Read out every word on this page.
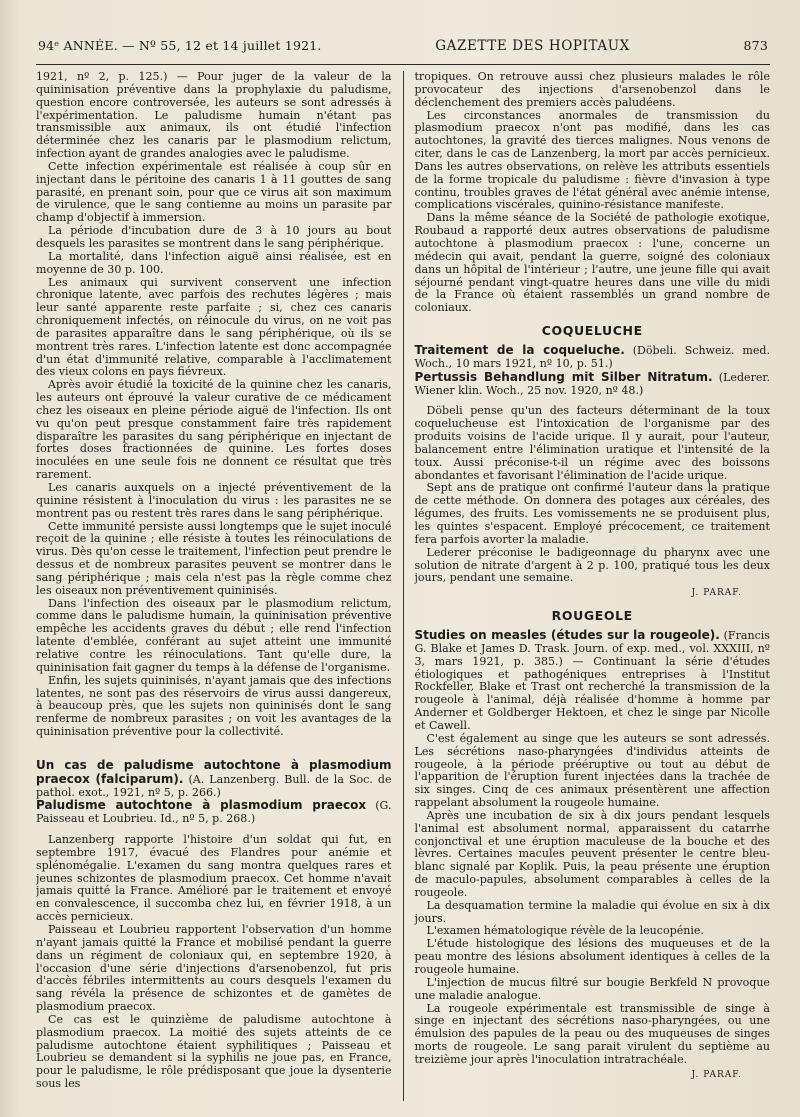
94ᵉ ANNÉE. — Nº 55, 12 et 14 juillet 1921.	GAZETTE DES HOPITAUX	873

1921, nº 2, p. 125.) — Pour juger de la valeur de la quininisation préventive dans la prophylaxie du paludisme, question encore controversée, les auteurs se sont adressés à l'expérimentation. Le paludisme humain n'étant pas transmissible aux animaux, ils ont étudié l'infection déterminée chez les canaris par le plasmodium relictum, infection ayant de grandes analogies avec le paludisme.

Cette infection expérimentale est réalisée à coup sûr en injectant dans le péritoine des canaris 1 à 11 gouttes de sang parasité, en prenant soin, pour que ce virus ait son maximum de virulence, que le sang contienne au moins un parasite par champ d'objectif à immersion.

La période d'incubation dure de 3 à 10 jours au bout desquels les parasites se montrent dans le sang périphérique.

La mortalité, dans l'infection aiguë ainsi réalisée, est en moyenne de 30 p. 100.

Les animaux qui survivent conservent une infection chronique latente, avec parfois des rechutes légères ; mais leur santé apparente reste parfaite ; si, chez ces canaris chroniquement infectés, on réinocule du virus, on ne voit pas de parasites apparaître dans le sang périphérique, où ils se montrent très rares. L'infection latente est donc accompagnée d'un état d'immunité relative, comparable à l'acclimatement des vieux colons en pays fiévreux.

Après avoir étudié la toxicité de la quinine chez les canaris, les auteurs ont éprouvé la valeur curative de ce médicament chez les oiseaux en pleine période aiguë de l'infection. Ils ont vu qu'on peut presque constamment faire très rapidement disparaître les parasites du sang périphérique en injectant de fortes doses fractionnées de quinine. Les fortes doses inoculées en une seule fois ne donnent ce résultat que très rarement.

Les canaris auxquels on a injecté préventivement de la quinine résistent à l'inoculation du virus : les parasites ne se montrent pas ou restent très rares dans le sang périphérique.

Cette immunité persiste aussi longtemps que le sujet inoculé reçoit de la quinine ; elle résiste à toutes les réinoculations de virus. Dès qu'on cesse le traitement, l'infection peut prendre le dessus et de nombreux parasites peuvent se montrer dans le sang périphérique ; mais cela n'est pas la règle comme chez les oiseaux non préventivement quininisés.

Dans l'infection des oiseaux par le plasmodium relictum, comme dans le paludisme humain, la quininisation préventive empêche les accidents graves du début ; elle rend l'infection latente d'emblée, conférant au sujet atteint une immunité relative contre les réinoculations. Tant qu'elle dure, la quininisation fait gagner du temps à la défense de l'organisme.

Enfin, les sujets quininisés, n'ayant jamais que des infections latentes, ne sont pas des réservoirs de virus aussi dangereux, à beaucoup près, que les sujets non quininisés dont le sang renferme de nombreux parasites ; on voit les avantages de la quininisation préventive pour la collectivité.

Un cas de paludisme autochtone à plasmodium praecox (falciparum). (A. Lanzenberg. Bull. de la Soc. de pathol. exot., 1921, nº 5, p. 266.)

Paludisme autochtone à plasmodium praecox (G. Paisseau et Loubrieu. Id., nº 5, p. 268.)

Lanzenberg rapporte l'histoire d'un soldat qui fut, en septembre 1917, évacué des Flandres pour anémie et splénomégalie. L'examen du sang montra quelques rares et jeunes schizontes de plasmodium praecox. Cet homme n'avait jamais quitté la France. Amélioré par le traitement et envoyé en convalescence, il succomba chez lui, en février 1918, à un accès pernicieux.

Paisseau et Loubrieu rapportent l'observation d'un homme n'ayant jamais quitté la France et mobilisé pendant la guerre dans un régiment de coloniaux qui, en septembre 1920, à l'occasion d'une série d'injections d'arsenobenzol, fut pris d'accès fébriles intermittents au cours desquels l'examen du sang révéla la présence de schizontes et de gamètes de plasmodium praecox.

Ce cas est le quinzième de paludisme autochtone à plasmodium praecox. La moitié des sujets atteints de ce paludisme autochtone étaient syphilitiques ; Paisseau et Loubrieu se demandent si la syphilis ne joue pas, en France, pour le paludisme, le rôle prédisposant que joue la dysenterie sous les

tropiques. On retrouve aussi chez plusieurs malades le rôle provocateur des injections d'arsenobenzol dans le déclenchement des premiers accès paludéens.

Les circonstances anormales de transmission du plasmodium praecox n'ont pas modifié, dans les cas autochtones, la gravité des tierces malignes. Nous venons de citer, dans le cas de Lanzenberg, la mort par accès pernicieux. Dans les autres observations, on relève les attributs essentiels de la forme tropicale du paludisme : fièvre d'invasion à type continu, troubles graves de l'état général avec anémie intense, complications viscérales, quinino-résistance manifeste.

Dans la même séance de la Société de pathologie exotique, Roubaud a rapporté deux autres observations de paludisme autochtone à plasmodium praecox : l'une, concerne un médecin qui avait, pendant la guerre, soigné des coloniaux dans un hôpital de l'intérieur ; l'autre, une jeune fille qui avait séjourné pendant vingt-quatre heures dans une ville du midi de la France où étaient rassemblés un grand nombre de coloniaux.

COQUELUCHE

Traitement de la coqueluche. (Döbeli. Schweiz. med. Woch., 10 mars 1921, nº 10, p. 51.)

Pertussis Behandlung mit Silber Nitratum. (Lederer. Wiener klin. Woch., 25 nov. 1920, nº 48.)

Döbeli pense qu'un des facteurs déterminant de la toux coquelucheuse est l'intoxication de l'organisme par des produits voisins de l'acide urique. Il y aurait, pour l'auteur, balancement entre l'élimination uratique et l'intensité de la toux. Aussi préconise-t-il un régime avec des boissons abondantes et favorisant l'élimination de l'acide urique.

Sept ans de pratique ont confirmé l'auteur dans la pratique de cette méthode. On donnera des potages aux céréales, des légumes, des fruits. Les vomissements ne se produisent plus, les quintes s'espacent. Employé précocement, ce traitement fera parfois avorter la maladie.

Lederer préconise le badigeonnage du pharynx avec une solution de nitrate d'argent à 2 p. 100, pratiqué tous les deux jours, pendant une semaine.

J. PARAF.

ROUGEOLE

Studies on measles (études sur la rougeole). (Francis G. Blake et James D. Trask. Journ. of exp. med., vol. XXXIII, nº 3, mars 1921, p. 385.) — Continuant la série d'études étiologiques et pathogéniques entreprises à l'Institut Rockfeller, Blake et Trast ont recherché la transmission de la rougeole à l'animal, déjà réalisée d'homme à homme par Anderner et Goldberger Hektoen, et chez le singe par Nicolle et Cawell.

C'est également au singe que les auteurs se sont adressés. Les sécrétions naso-pharyngées d'individus atteints de rougeole, à la période prééruptive ou tout au début de l'apparition de l'éruption furent injectées dans la trachée de six singes. Cinq de ces animaux présentèrent une affection rappelant absolument la rougeole humaine.

Après une incubation de six à dix jours pendant lesquels l'animal est absolument normal, apparaissent du catarrhe conjonctival et une éruption maculeuse de la bouche et des lèvres. Certaines macules peuvent présenter le centre bleu-blanc signalé par Koplik. Puis, la peau présente une éruption de maculo-papules, absolument comparables à celles de la rougeole.

La desquamation termine la maladie qui évolue en six à dix jours.

L'examen hématologique révèle de la leucopénie.

L'étude histologique des lésions des muqueuses et de la peau montre des lésions absolument identiques à celles de la rougeole humaine.

L'injection de mucus filtré sur bougie Berkfeld N provoque une maladie analogue.

La rougeole expérimentale est transmissible de singe à singe en injectant des sécrétions naso-pharyngées, ou une émulsion des papules de la peau ou des muqueuses de singes morts de rougeole. Le sang parait virulent du septième au treizième jour après l'inoculation intratrachéale.

J. PARAF.
